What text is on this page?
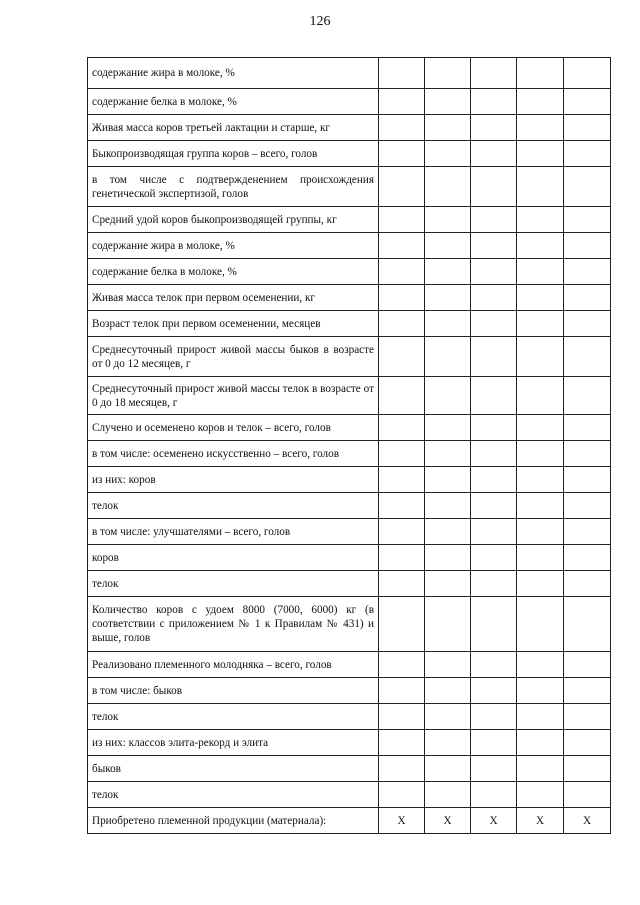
126
содержание жира в молоке, %					
содержание белка в молоке, %					
Живая масса коров третьей лактации и старше, кг					
Быкопроизводящая группа коров – всего, голов					
в том числе с подтвержденением происхождения генетической экспертизой, голов					
Средний удой коров быкопроизводящей группы, кг					
содержание жира в молоке, %					
содержание белка в молоке, %					
Живая масса телок при первом осеменении, кг					
Возраст телок при первом осеменении, месяцев					
Среднесуточный прирост живой массы быков в возрасте от 0 до 12 месяцев, г					
Среднесуточный прирост живой массы телок в возрасте от 0 до 18 месяцев, г					
Случено и осеменено коров и телок – всего, голов					
в том числе: осеменено искусственно – всего, голов					
из них: коров					
телок					
в том числе: улучшателями – всего, голов					
коров					
телок					
Количество коров с удоем 8000 (7000, 6000) кг (в соответствии с приложением № 1 к Правилам № 431) и выше, голов					
Реализовано племенного молодняка – всего, голов					
в том числе: быков					
телок					
из них: классов элита-рекорд и элита					
быков					
телок					
Приобретено племенной продукции (материала):	X	X	X	X	X
